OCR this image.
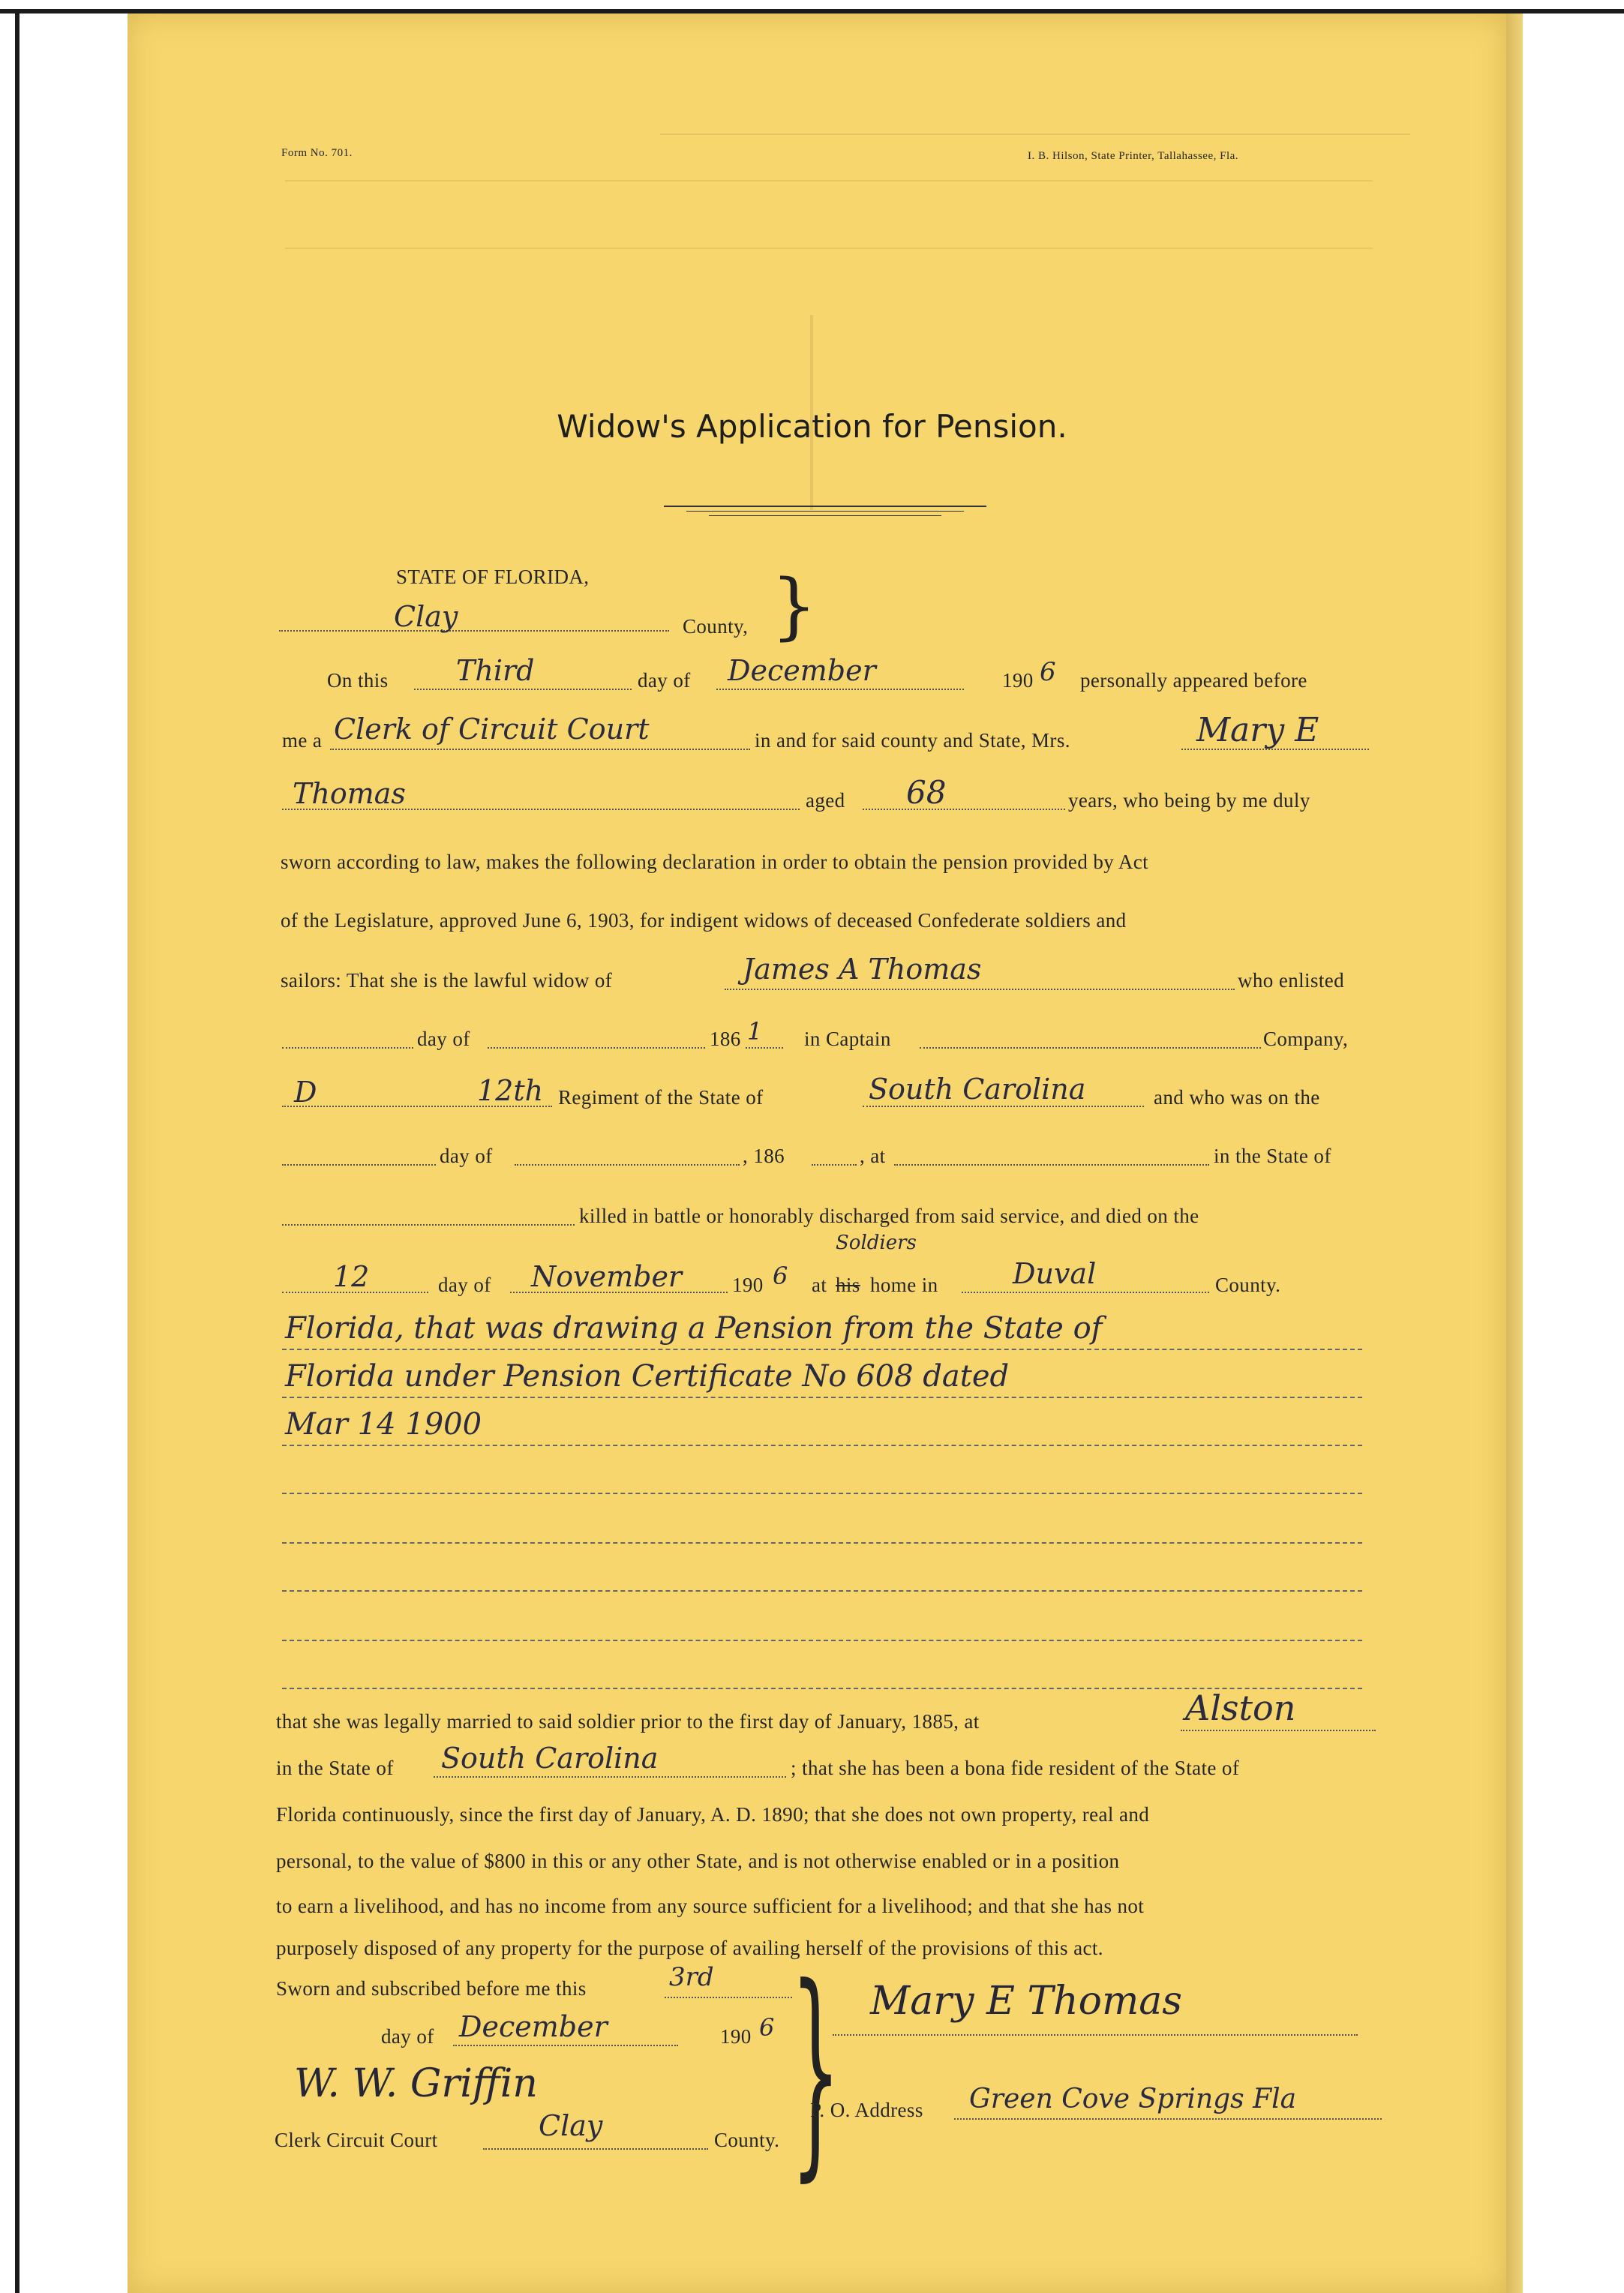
Form No. 701.	I. B. Hilson, State Printer, Tallahassee, Fla.
Widow's Application for Pension.
STATE OF FLORIDA,
Clay	County, }
On this Third	day of December	190 6 personally appeared before
me a Clerk of Circuit Court	in and for said county and State, Mrs.	Mary E
Thomas	aged 68	years, who being by me duly
sworn according to law, makes the following declaration in order to obtain the pension provided by Act
of the Legislature, approved June 6, 1903, for indigent widows of deceased Confederate soldiers and
sailors: That she is the lawful widow of	James A Thomas	who enlisted
day of	186 1 in Captain	Company,
D	12th Regiment of the State of	South Carolina	and who was on the
day of	, 186	, at	in the State of
killed in battle or honorably discharged from said service, and died on the
12	day of November 190 6 at
Soldiers
his home in	Duval	County.
Florida, that was drawing a Pension from the State of
Florida under Pension Certificate No 608 dated
Mar 14 1900
that she was legally married to said soldier prior to the first day of January, 1885, at	Alston
in the State of South Carolina	; that she has been a bona fide resident of the State of
Florida continuously, since the first day of January, A. D. 1890; that she does not own property, real and
personal, to the value of $800 in this or any other State, and is not otherwise enabled or in a position
to earn a livelihood, and has no income from any source sufficient for a livelihood; and that she has not
purposely disposed of any property for the purpose of availing herself of the provisions of this act.
Sworn and subscribed before me this	3rd
day of December	190 6
W. W. Griffin
Clerk Circuit Court	Clay	County. } Mary E Thomas
P. O. Address Green Cove Springs Fla
